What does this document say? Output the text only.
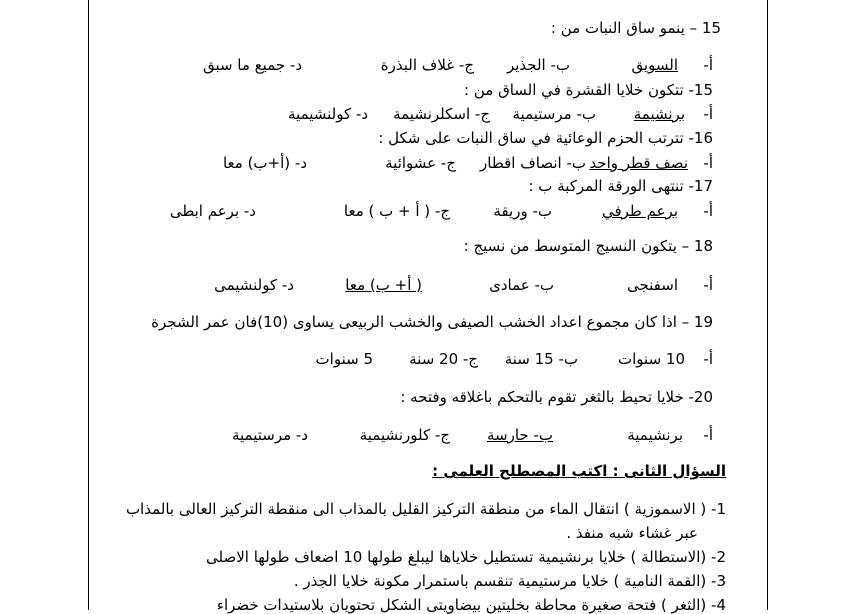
15 – ينمو ساق النبات من :
أ-
السويق
ب- الجذير
ج- غلاف البذرة
د- جميع ما سبق
15- تتكون خلايا القشرة في الساق من :
أ-
برنشيمة
ب- مرستيمية
ج- اسكلرنشيمة
د- كولنشيمية
16- تترتب الحزم الوعائية في ساق النبات على شكل :
أ-
نصف قطر واحد
ب- انصاف اقطار
ج- عشوائية
د- (أ+ب) معا
17- تنتهى الورقة المركبة ب :
أ-
برعم طرفي
ب- وريقة
ج- ( أ + ب ) معا
د- برعم ابطى
18 – يتكون النسيج المتوسط من نسيج :
أ-
اسفنجى
ب- عمادى
( أ+ ب) معا
د- كولنشيمى
19 – اذا كان مجموع اعداد الخشب الصيفى والخشب الربيعى يساوى (10)فان عمر الشجرة
أ-
10 سنوات
ب- 15 سنة
ج- 20 سنة
5 سنوات
20- خلايا تحيط بالثغر تقوم بالتحكم باغلاقه وفتحه :
أ-
برنشيمية
ب- حارسة
ج- كلورنشيمية
د- مرستيمية
السؤال الثانى : اكتب المصطلح العلمى :
1- ( الاسموزية ) انتقال الماء من منطقة التركيز القليل بالمذاب الى منقطة التركيز العالى بالمذاب
عبر غشاء شبه منفذ .
2- (الاستطالة ) خلايا برنشيمية تستطيل خلاياها ليبلغ طولها 10 اضعاف طولها الاصلى
3- (القمة النامية ) خلايا مرستيمية تنقسم باستمرار مكونة خلايا الجذر .
4- (الثغر ) فتحة صغيرة محاطة بخليتين بيضاويتى الشكل تحتويان بلاستيدات خضراء
